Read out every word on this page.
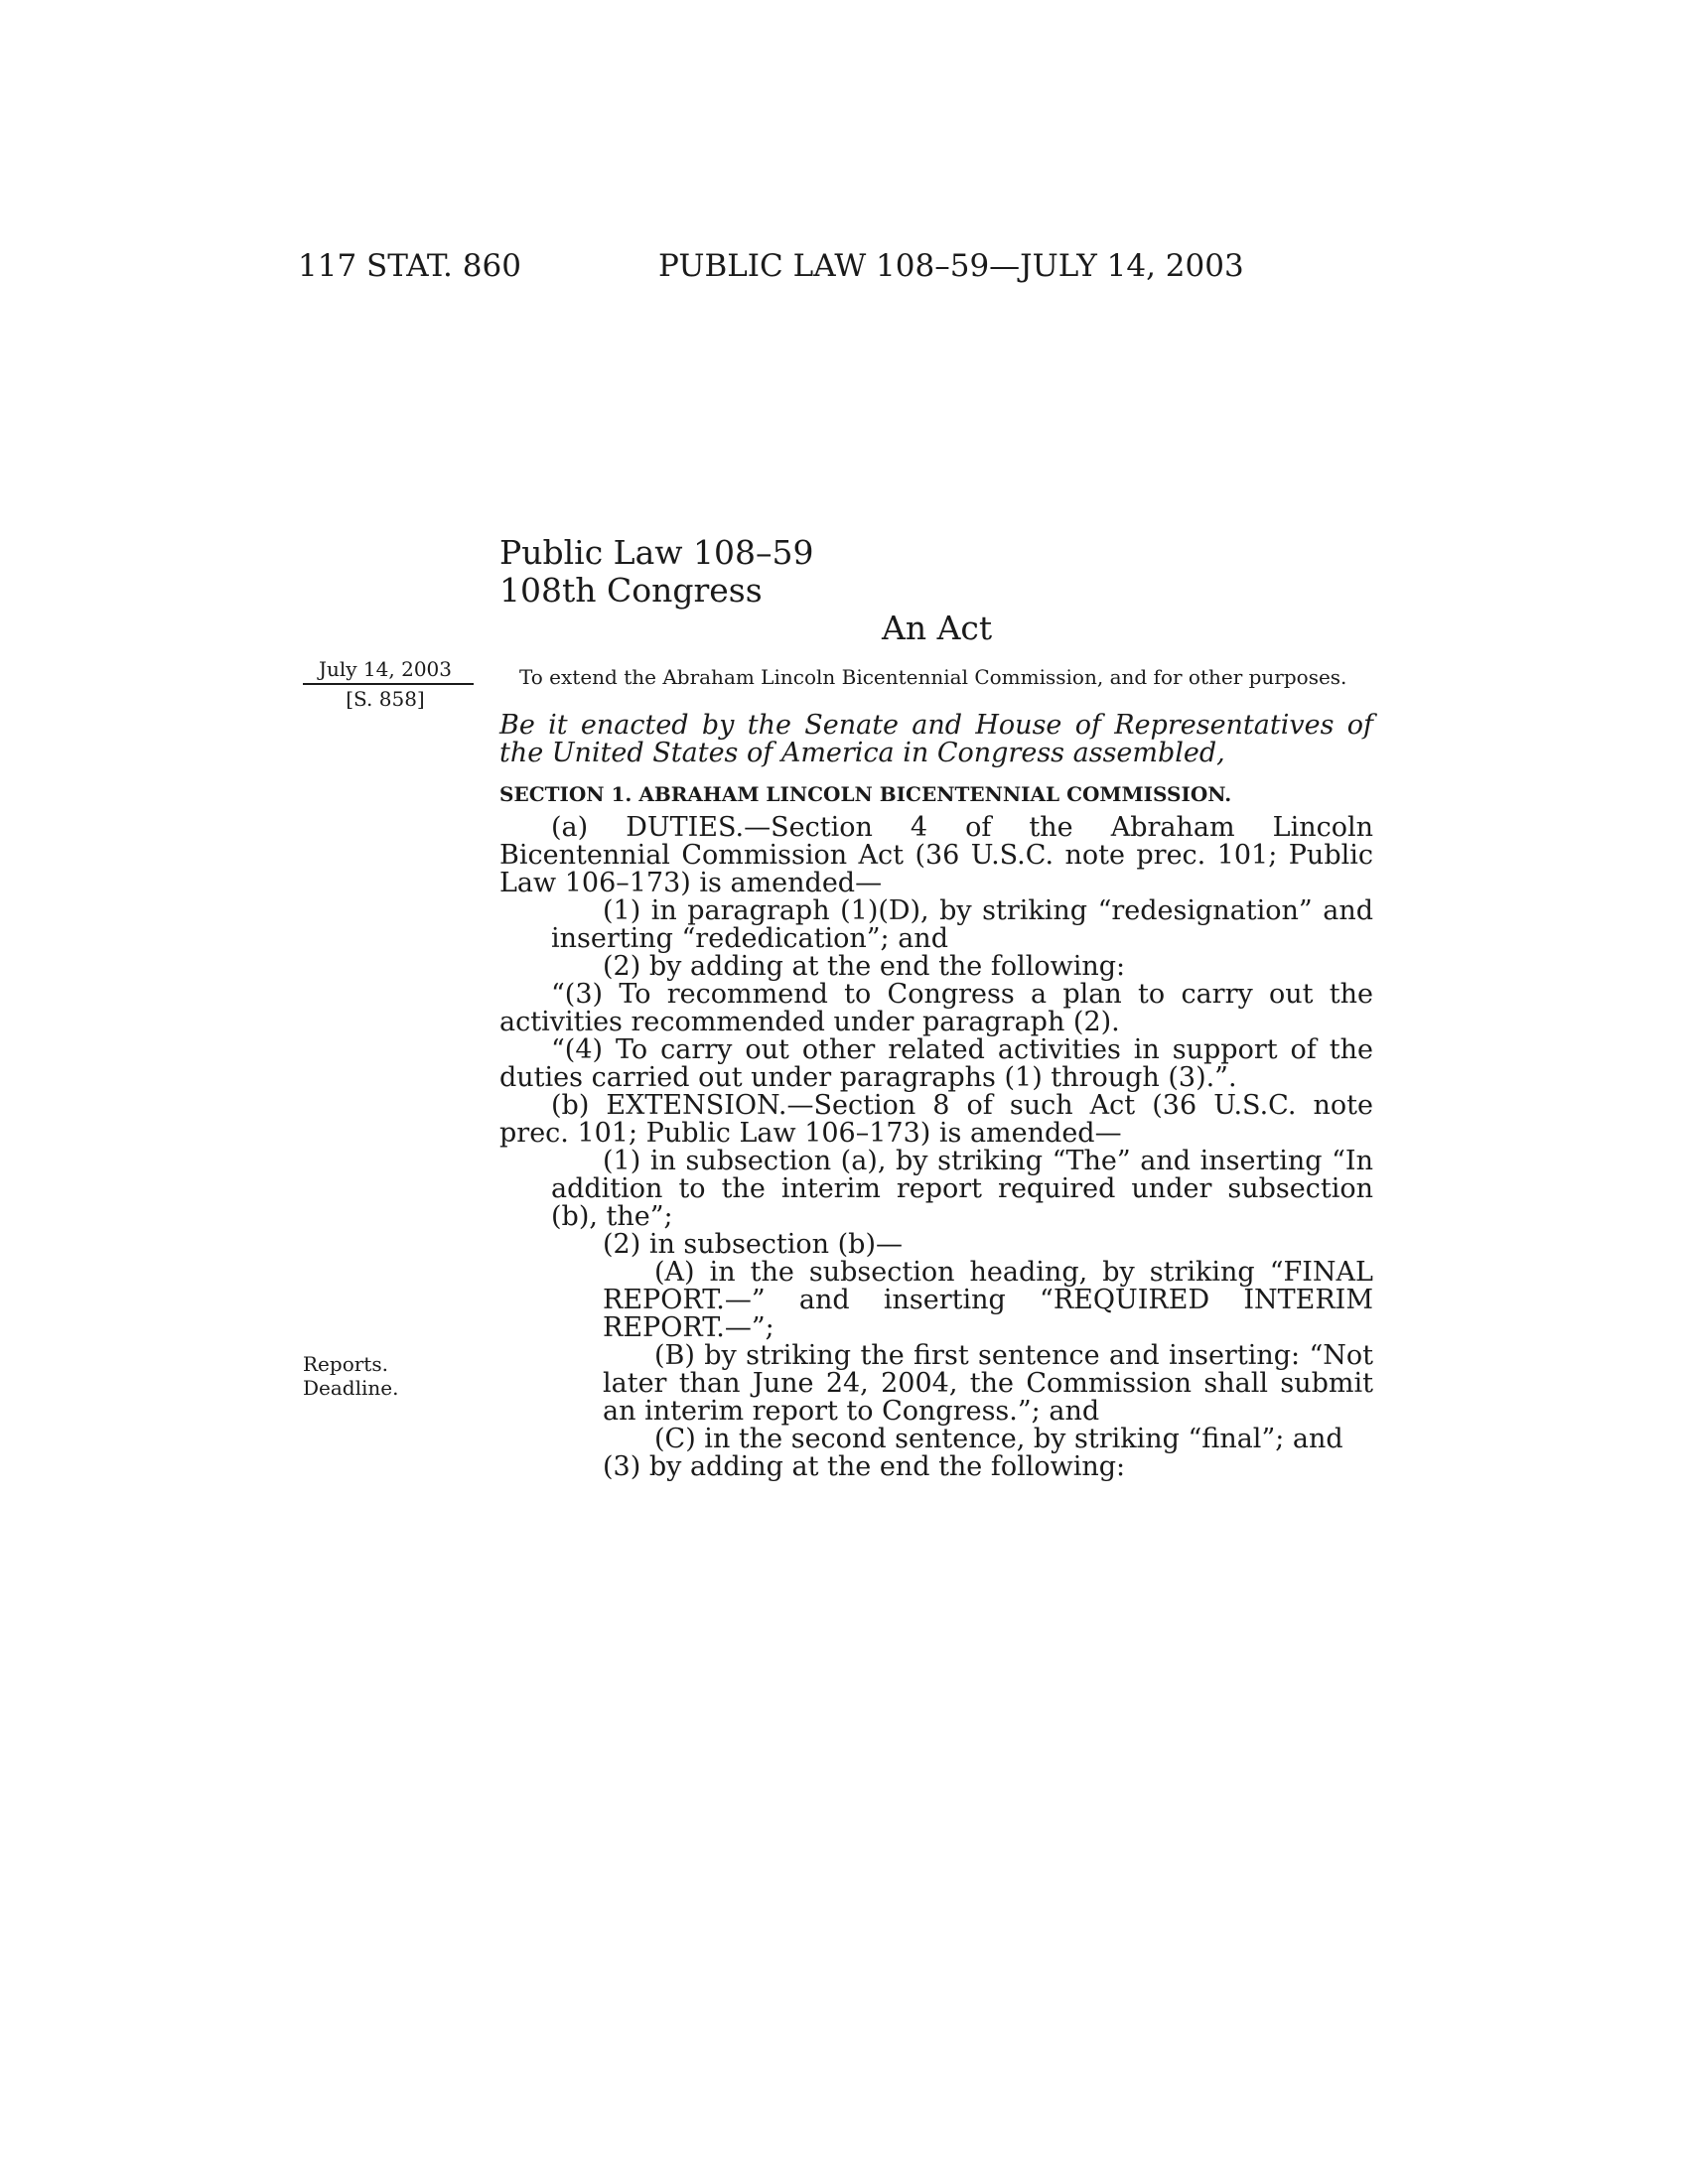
117 STAT. 860	PUBLIC LAW 108–59—JULY 14, 2003
Public Law 108–59
108th Congress
An Act
July 14, 2003
[S. 858]
To extend the Abraham Lincoln Bicentennial Commission, and for other purposes.
Be it enacted by the Senate and House of Representatives of the United States of America in Congress assembled,
SECTION 1. ABRAHAM LINCOLN BICENTENNIAL COMMISSION.

(a) DUTIES.—Section 4 of the Abraham Lincoln Bicentennial Commission Act (36 U.S.C. note prec. 101; Public Law 106–173) is amended—

(1) in paragraph (1)(D), by striking “redesignation” and inserting “rededication”; and

(2) by adding at the end the following:

“(3) To recommend to Congress a plan to carry out the activities recommended under paragraph (2).

“(4) To carry out other related activities in support of the duties carried out under paragraphs (1) through (3).”.

(b) EXTENSION.—Section 8 of such Act (36 U.S.C. note prec. 101; Public Law 106–173) is amended—

(1) in subsection (a), by striking “The” and inserting “In addition to the interim report required under subsection (b), the”;

(2) in subsection (b)—

(A) in the subsection heading, by striking “FINAL REPORT.—” and inserting “REQUIRED INTERIM REPORT.—”;

(B) by striking the first sentence and inserting: “Not later than June 24, 2004, the Commission shall submit an interim report to Congress.”; and

(C) in the second sentence, by striking “final”; and

(3) by adding at the end the following:

Reports.
Deadline.
